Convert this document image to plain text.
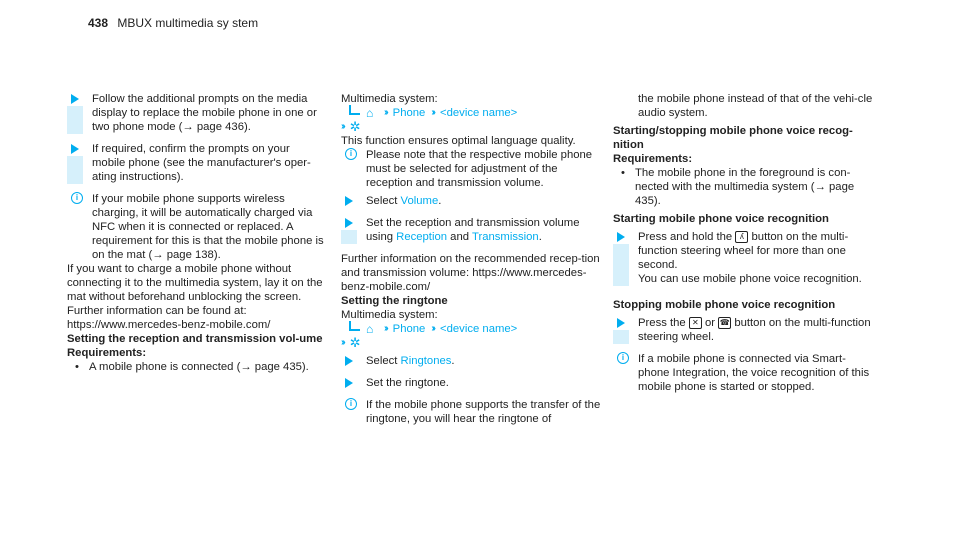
438 MBUX multimedia sy stem

Follow the additional prompts on the media display to replace the mobile phone in one or two phone mode (→ page 436).

If required, confirm the prompts on your mobile phone (see the manufacturer's oper-ating instructions).

i	If your mobile phone supports wireless charging, it will be automatically charged via NFC when it is connected or replaced. A requirement for this is that the mobile phone is on the mat (→ page 138).

If you want to charge a mobile phone without connecting it to the multimedia system, lay it on the mat without beforehand unblocking the screen.

Further information can be found at: https://www.mercedes-benz-mobile.com/

Setting the reception and transmission vol-ume

Requirements:

• A mobile phone is connected (→ page 435).

Multimedia system:

⌂	›› Phone ›› <device name>
›› ✲

This function ensures optimal language quality.

i	Please note that the respective mobile phone must be selected for adjustment of the reception and transmission volume.

Select Volume.

Set the reception and transmission volume using Reception and Transmission.

Further information on the recommended recep-tion and transmission volume: https://www.mercedes-benz-mobile.com/

Setting the ringtone

Multimedia system:

⌂	›› Phone ›› <device name>
›› ✲

Select Ringtones.

Set the ringtone.

i	If the mobile phone supports the transfer of the ringtone, you will hear the ringtone of

the mobile phone instead of that of the vehi-cle audio system.

Starting/stopping mobile phone voice recog-nition

Requirements:

• The mobile phone in the foreground is con-nected with the multimedia system (→ page 435).

Starting mobile phone voice recognition

Press and hold the ʎ button on the multi-function steering wheel for more than one second.

You can use mobile phone voice recognition.

Stopping mobile phone voice recognition

Press the ✕ or ☎ button on the multi-function steering wheel.

i	If a mobile phone is connected via Smart-phone Integration, the voice recognition of this mobile phone is started or stopped.
